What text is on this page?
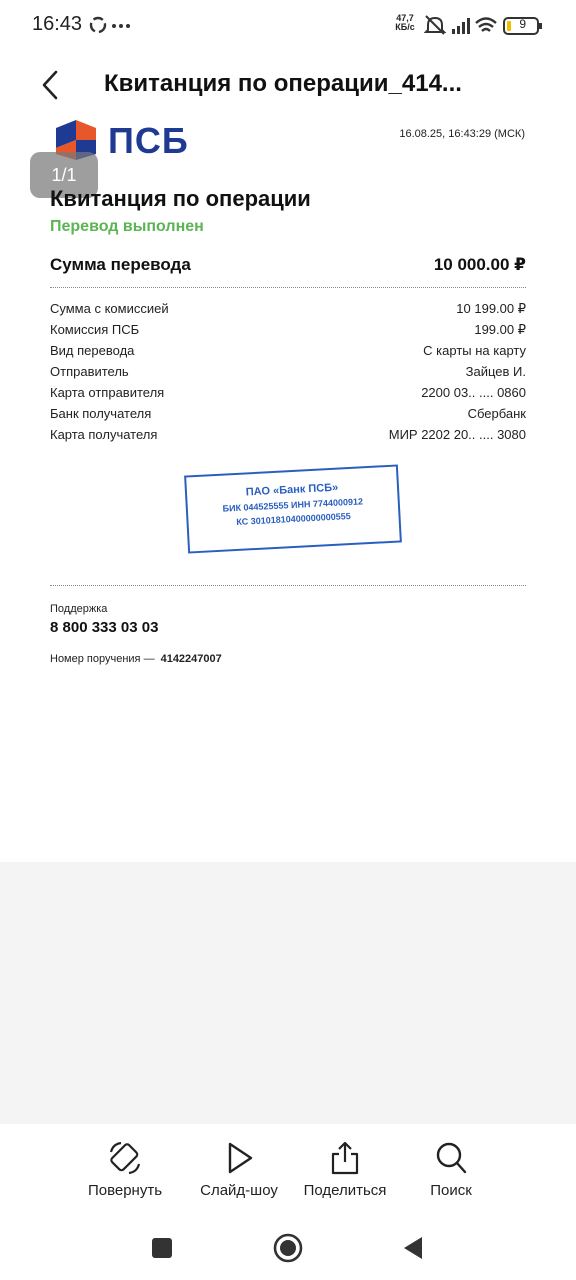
16:43	47,7
КБ/с	9
Квитанция по операции_414...
ПСБ	16.08.25, 16:43:29 (МСК)
1/1
Квитанция по операции
Перевод выполнен
Сумма перевода	10 000.00 ₽
Сумма с комиссией	10 199.00 ₽
Комиссия ПСБ	199.00 ₽
Вид перевода	С карты на карту
Отправитель	Зайцев И.
Карта отправителя	2200 03.. .... 0860
Банк получателя	Сбербанк
Карта получателя	МИР 2202 20.. .... 3080
ПАО «Банк ПСБ»
БИК 044525555 ИНН 7744000912
КС 30101810400000000555
Поддержка
8 800 333 03 03
Номер поручения — 4142247007
Повернуть	Слайд-шоу	Поделиться	Поиск
